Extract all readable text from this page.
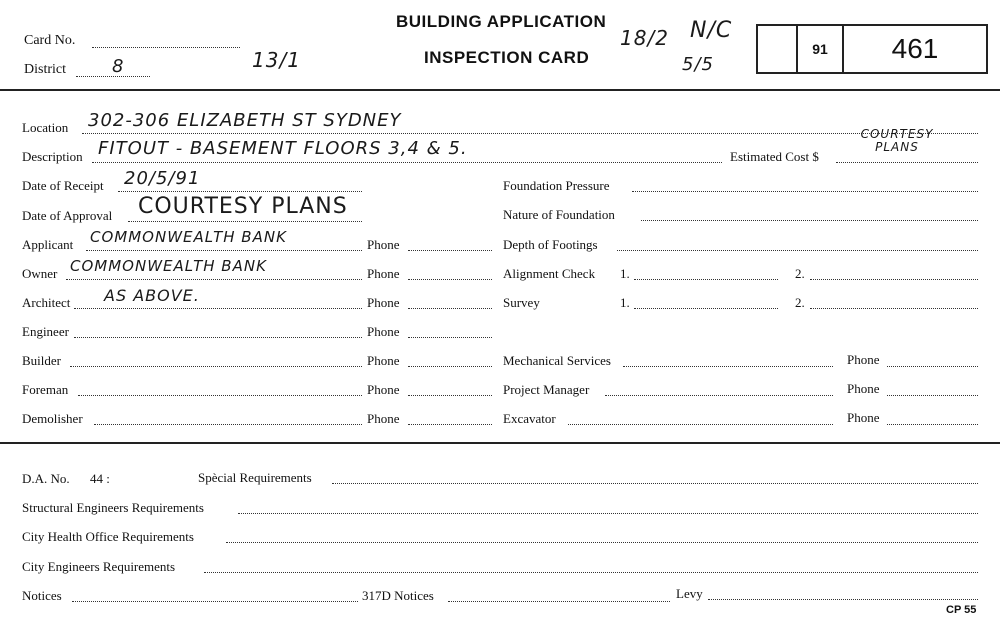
Card No.
District	8	13/1
BUILDING APPLICATION
INSPECTION CARD
18/2 N/C
5/5
91	461
Location 302-306 ELIZABETH ST SYDNEY
Description FITOUT - BASEMENT FLOORS 3,4 & 5.	Estimated Cost $
COURTESY PLANS
Date of Receipt 20/5/91
Date of Approval COURTESY PLANS
Applicant COMMONWEALTH BANK	Phone
Owner COMMONWEALTH BANK	Phone
Architect AS ABOVE.	Phone
Engineer	Phone
Builder	Phone
Foreman	Phone
Demolisher	Phone
Foundation Pressure
Nature of Foundation
Depth of Footings
Alignment Check 1.	2.
Survey	1.	2.
Mechanical Services	Phone
Project Manager	Phone
Excavator	Phone
D.A. No. 44 :	Spècial Requirements
Structural Engineers Requirements
City Health Office Requirements
City Engineers Requirements
Notices	317D Notices	Levy
CP 55
